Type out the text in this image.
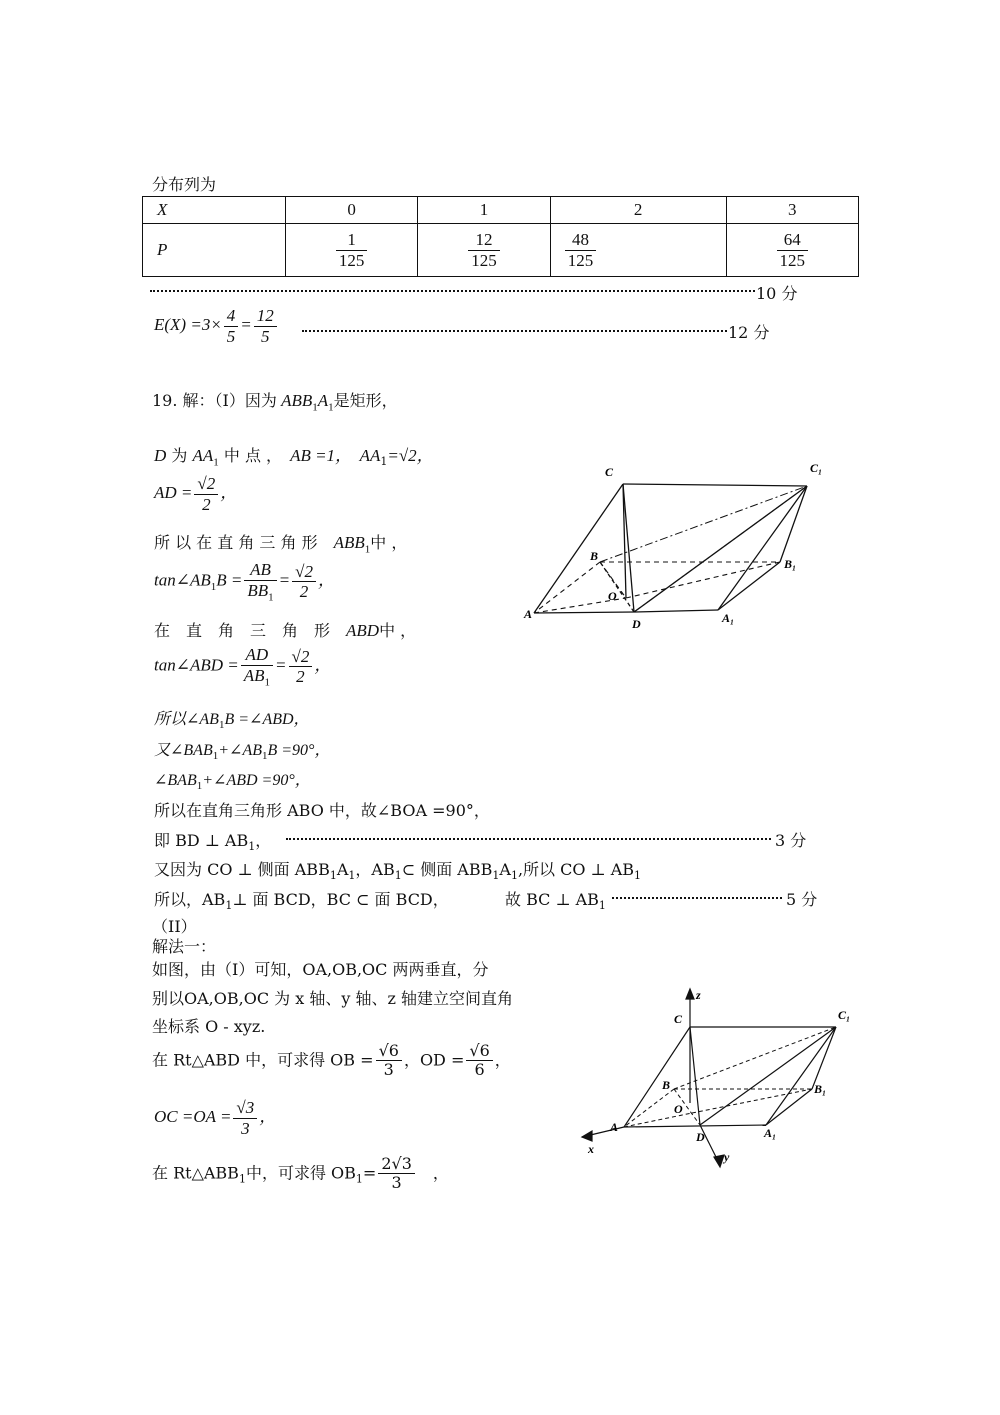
分布列为
X	0	1	2	3
P	$\frac{1}{125}$	$\frac{12}{125}$	$\frac{48}{125}$	$\frac{64}{125}$
10 分
$E(X) =3\times \frac{4}{5} = \frac{12}{5}$	12 分
19. 解：（Ⅰ）因为 $ABB_1A_1$是矩形，
D 为 $AA_1$ 中 点 ，　 AB =1，　 $AA_1=√2$，
AD = $\frac{√2}{2}$ ，
所 以 在 直 角 三 角 形　 $ABB_1$中 ，
$\tan\angle AB_1B = \frac{AB}{BB_1} = \frac{√2}{2}$ ，
在　直　角　三　角　形　 ABD中 ，
tan∠ABD = $\frac{AD}{AB_1} = \frac{√2}{2}$ ，
所以$\angle AB_1B$ =∠ABD，
又$\angle BAB_1+\angle AB_1B =90^\circ$，
$\angle BAB_1+\angle ABD =90^\circ$，
所以在直角三角形 ABO 中，故∠BOA =90°，
即 BD ⊥ $AB_1$，	3 分
又因为 CO ⊥ 侧面 $ABB_1A_1$，$AB_1\subset$ 侧面 $ABB_1A_1$,所以 CO ⊥ $AB_1$
所以，$AB_1\perp$ 面 BCD，BC ⊂ 面 BCD，	故 BC ⊥ $AB_1$	5 分
（II）
解法一：
如图，由（Ⅰ）可知，OA,OB,OC 两两垂直，分
别以OA,OB,OC 为 x 轴、y 轴、z 轴建立空间直角
坐标系 O - xyz.
在 Rt△ABD 中，可求得 OB = $\frac{√6}{3}$ ，OD = $\frac{√6}{6}$ ，
OC $=OA = \frac{√3}{3}$ ，
在 $Rt\triangle ABB_1$中，可求得 $OB_1= \frac{2√3}{3}$ 　，
C	C₁
B
B₁
O
A
D	A₁
z
C	C₁
B	B₁
O
A
D	A₁
x
y
